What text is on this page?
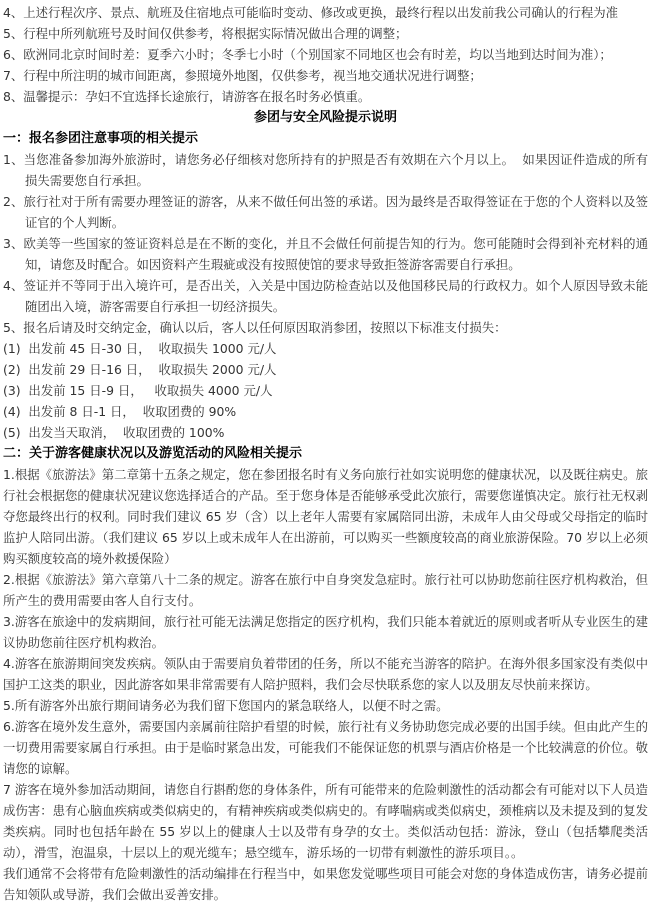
4、上述行程次序、景点、航班及住宿地点可能临时变动、修改或更换，最终行程以出发前我公司确认的行程为准
5、行程中所列航班号及时间仅供参考，将根据实际情况做出合理的调整；
6、欧洲同北京时间时差：夏季六小时；冬季七小时（个别国家不同地区也会有时差，均以当地到达时间为准）；
7、行程中所注明的城市间距离，参照境外地图，仅供参考，视当地交通状况进行调整；
8、温馨提示：孕妇不宜选择长途旅行，请游客在报名时务必慎重。
参团与安全风险提示说明
一：报名参团注意事项的相关提示
1、当您准备参加海外旅游时，请您务必仔细核对您所持有的护照是否有效期在六个月以上。  如果因证件造成的所有损失需要您自行承担。
2、旅行社对于所有需要办理签证的游客，从来不做任何出签的承诺。因为最终是否取得签证在于您的个人资料以及签证官的个人判断。
3、欧美等一些国家的签证资料总是在不断的变化，并且不会做任何前提告知的行为。您可能随时会得到补充材料的通知，请您及时配合。如因资料产生瑕疵或没有按照使馆的要求导致拒签游客需要自行承担。
4、签证并不等同于出入境许可，是否出关，入关是中国边防检查站以及他国移民局的行政权力。如个人原因导致未能随团出入境，游客需要自行承担一切经济损失。
5、报名后请及时交纳定金，确认以后，客人以任何原因取消参团，按照以下标准支付损失：
(1)  出发前 45 日-30 日，  收取损失 1000 元/人
(2)  出发前 29 日-16 日，  收取损失 2000 元/人
(3)  出发前 15 日-9 日，   收取损失 4000 元/人
(4)  出发前 8 日-1 日，  收取团费的 90%
(5)  出发当天取消，  收取团费的 100%
二：关于游客健康状况以及游览活动的风险相关提示
1.根据《旅游法》第二章第十五条之规定，您在参团报名时有义务向旅行社如实说明您的健康状况，以及既往病史。旅行社会根据您的健康状况建议您选择适合的产品。至于您身体是否能够承受此次旅行，需要您谨慎决定。旅行社无权剥夺您最终出行的权利。同时我们建议 65 岁（含）以上老年人需要有家属陪同出游，未成年人由父母或父母指定的临时监护人陪同出游。（我们建议 65 岁以上或未成年人在出游前，可以购买一些额度较高的商业旅游保险。70 岁以上必须购买额度较高的境外救援保险）
2.根据《旅游法》第六章第八十二条的规定。游客在旅行中自身突发急症时。旅行社可以协助您前往医疗机构救治，但所产生的费用需要由客人自行支付。
3.游客在旅途中的发病期间，旅行社可能无法满足您指定的医疗机构，我们只能本着就近的原则或者听从专业医生的建议协助您前往医疗机构救治。
4.游客在旅游期间突发疾病。领队由于需要肩负着带团的任务，所以不能充当游客的陪护。在海外很多国家没有类似中国护工这类的职业，因此游客如果非常需要有人陪护照料，我们会尽快联系您的家人以及朋友尽快前来探访。
5.所有游客外出旅行期间请务必为我们留下您国内的紧急联络人，以便不时之需。
6.游客在境外发生意外，需要国内亲属前往陪护看望的时候，旅行社有义务协助您完成必要的出国手续。但由此产生的一切费用需要家属自行承担。由于是临时紧急出发，可能我们不能保证您的机票与酒店价格是一个比较满意的价位。敬请您的谅解。
7 游客在境外参加活动期间，请您自行斟酌您的身体条件，所有可能带来的危险刺激性的活动都会有可能对以下人员造成伤害：患有心脑血疾病或类似病史的，有精神疾病或类似病史的。有哮喘病或类似病史，颈椎病以及未提及到的复发类疾病。同时也包括年龄在 55 岁以上的健康人士以及带有身孕的女士。类似活动包括：游泳，登山（包括攀爬类活动），滑雪，泡温泉，十层以上的观光缆车；悬空缆车，游乐场的一切带有刺激性的游乐项目。。
我们通常不会将带有危险刺激性的活动编排在行程当中，如果您发觉哪些项目可能会对您的身体造成伤害，请务必提前告知领队或导游，我们会做出妥善安排。
